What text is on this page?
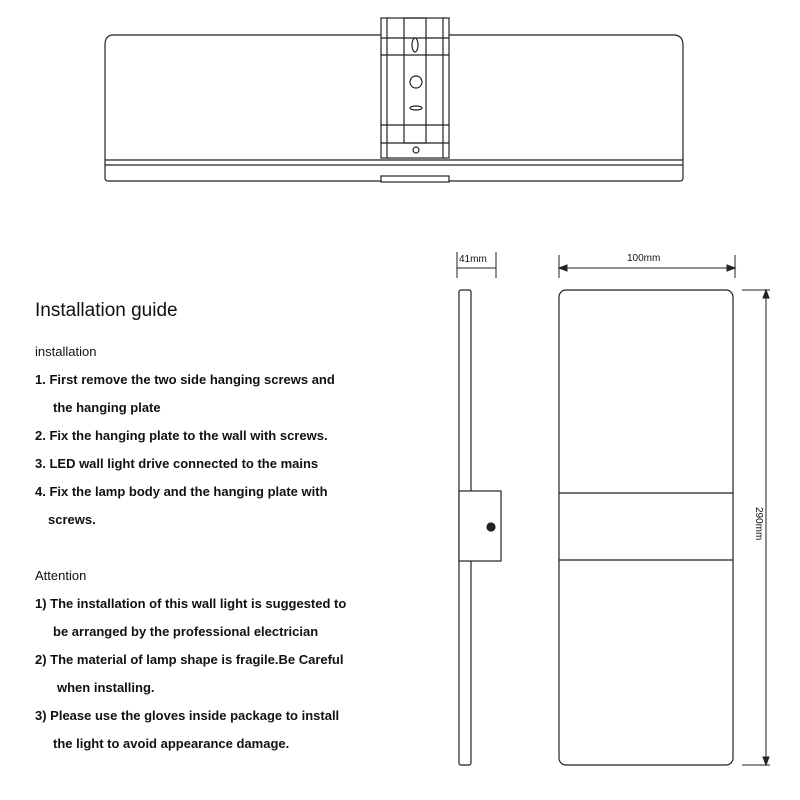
41mm	100mm
290mm
Installation guide
installation
1. First remove the two side hanging screws and
the hanging plate
2. Fix the hanging plate to the wall with screws.
3. LED wall light drive connected to the mains
4. Fix the lamp body and the hanging plate with
screws.
Attention
1) The installation of this wall light is suggested to
be arranged by the professional electrician
2) The material of lamp shape is fragile.Be Careful
when installing.
3) Please use the gloves inside package to install
the light to avoid appearance damage.
